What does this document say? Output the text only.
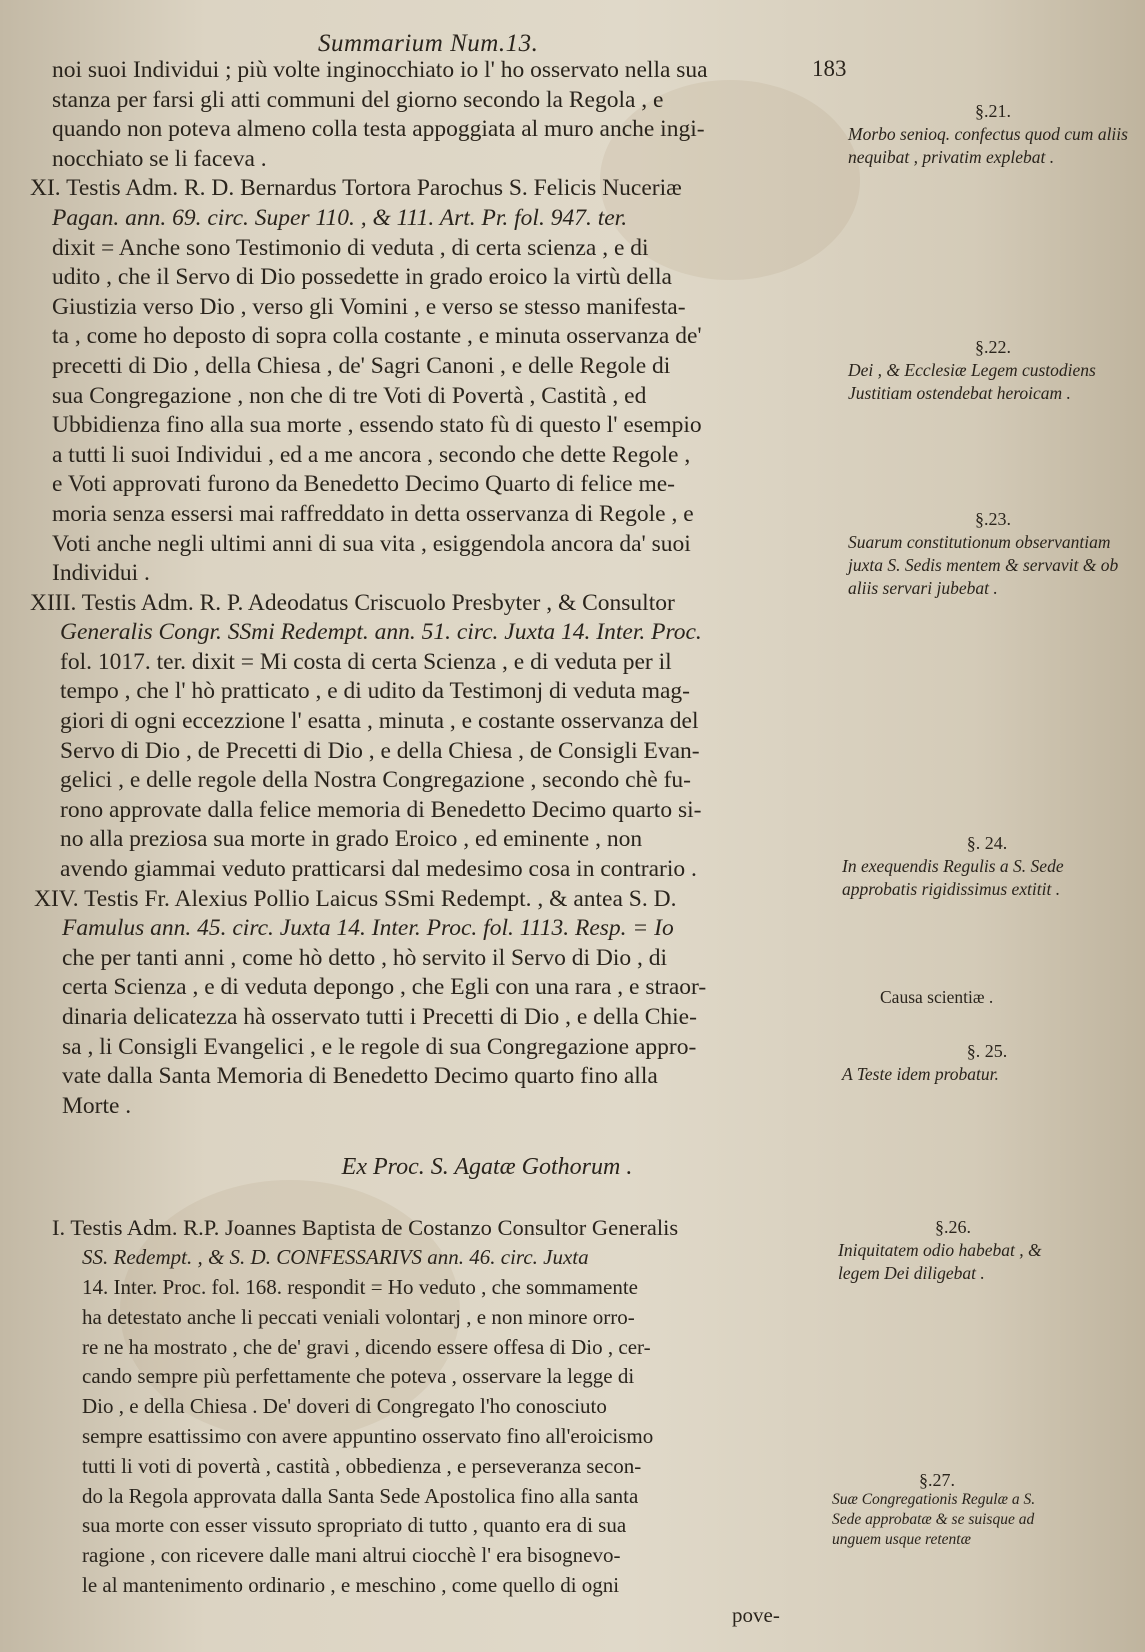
Summarium Num.13.
183
noi suoi Individui ; più volte inginocchiato io l' ho osservato nella sua
stanza per farsi gli atti communi del giorno secondo la Regola , e
quando non poteva almeno colla testa appoggiata al muro anche ingi-
nocchiato se li faceva .
XI. Testis Adm. R. D. Bernardus Tortora Parochus S. Felicis Nuceriæ
Pagan. ann. 69. circ. Super 110. , & 111. Art. Pr. fol. 947. ter.
dixit = Anche sono Testimonio di veduta , di certa scienza , e di
udito , che il Servo di Dio possedette in grado eroico la virtù della
Giustizia verso Dio , verso gli Vomini , e verso se stesso manifesta-
ta , come ho deposto di sopra colla costante , e minuta osservanza de'
precetti di Dio , della Chiesa , de' Sagri Canoni , e delle Regole di
sua Congregazione , non che di tre Voti di Povertà , Castità , ed
Ubbidienza fino alla sua morte , essendo stato fù di questo l' esempio
a tutti li suoi Individui , ed a me ancora , secondo che dette Regole ,
e Voti approvati furono da Benedetto Decimo Quarto di felice me-
moria senza essersi mai raffreddato in detta osservanza di Regole , e
Voti anche negli ultimi anni di sua vita , esiggendola ancora da' suoi
Individui .
XIII. Testis Adm. R. P. Adeodatus Criscuolo Presbyter , & Consultor
Generalis Congr. SSmi Redempt. ann. 51. circ. Juxta 14. Inter. Proc.
fol. 1017. ter. dixit = Mi costa di certa Scienza , e di veduta per il
tempo , che l' hò pratticato , e di udito da Testimonj di veduta mag-
giori di ogni eccezzione l' esatta , minuta , e costante osservanza del
Servo di Dio , de Precetti di Dio , e della Chiesa , de Consigli Evan-
gelici , e delle regole della Nostra Congregazione , secondo chè fu-
rono approvate dalla felice memoria di Benedetto Decimo quarto si-
no alla preziosa sua morte in grado Eroico , ed eminente , non
avendo giammai veduto pratticarsi dal medesimo cosa in contrario .
XIV. Testis Fr. Alexius Pollio Laicus SSmi Redempt. , & antea S. D.
Famulus ann. 45. circ. Juxta 14. Inter. Proc. fol. 1113. Resp. = Io
che per tanti anni , come hò detto , hò servito il Servo di Dio , di
certa Scienza , e di veduta depongo , che Egli con una rara , e straor-
dinaria delicatezza hà osservato tutti i Precetti di Dio , e della Chie-
sa , li Consigli Evangelici , e le regole di sua Congregazione appro-
vate dalla Santa Memoria di Benedetto Decimo quarto fino alla
Morte .
Ex Proc. S. Agatæ Gothorum .
I. Testis Adm. R.P. Joannes Baptista de Costanzo Consultor Generalis
SS. Redempt. , & S. D. CONFESSARIVS ann. 46. circ. Juxta
14. Inter. Proc. fol. 168. respondit = Ho veduto , che sommamente
ha detestato anche li peccati veniali volontarj , e non minore orro-
re ne ha mostrato , che de' gravi , dicendo essere offesa di Dio , cer-
cando sempre più perfettamente che poteva , osservare la legge di
Dio , e della Chiesa . De' doveri di Congregato l'ho conosciuto
sempre esattissimo con avere appuntino osservato fino all'eroicismo
tutti li voti di povertà , castità , obbedienza , e perseveranza secon-
do la Regola approvata dalla Santa Sede Apostolica fino alla santa
sua morte con esser vissuto spropriato di tutto , quanto era di sua
ragione , con ricevere dalle mani altrui ciocchè l' era bisognevo-
le al mantenimento ordinario , e meschino , come quello di ogni
pove-
§.21.
Morbo senioq. confectus quod cum aliis nequibat , privatim explebat .
§.22.
Dei , & Ecclesiæ Legem custodiens Justitiam ostendebat heroicam .
§.23.
Suarum constitutionum observantiam juxta S. Sedis mentem & servavit & ob aliis servari jubebat .
§. 24.
In exequendis Regulis a S. Sede approbatis rigidissimus extitit .
Causa scientiæ .
§. 25.
A Teste idem probatur.
§.26.
Iniquitatem odio habebat , & legem Dei diligebat .
§.27.
Suæ Congregationis Regulæ a S. Sede approbatæ & se suisque ad unguem usque retentæ
